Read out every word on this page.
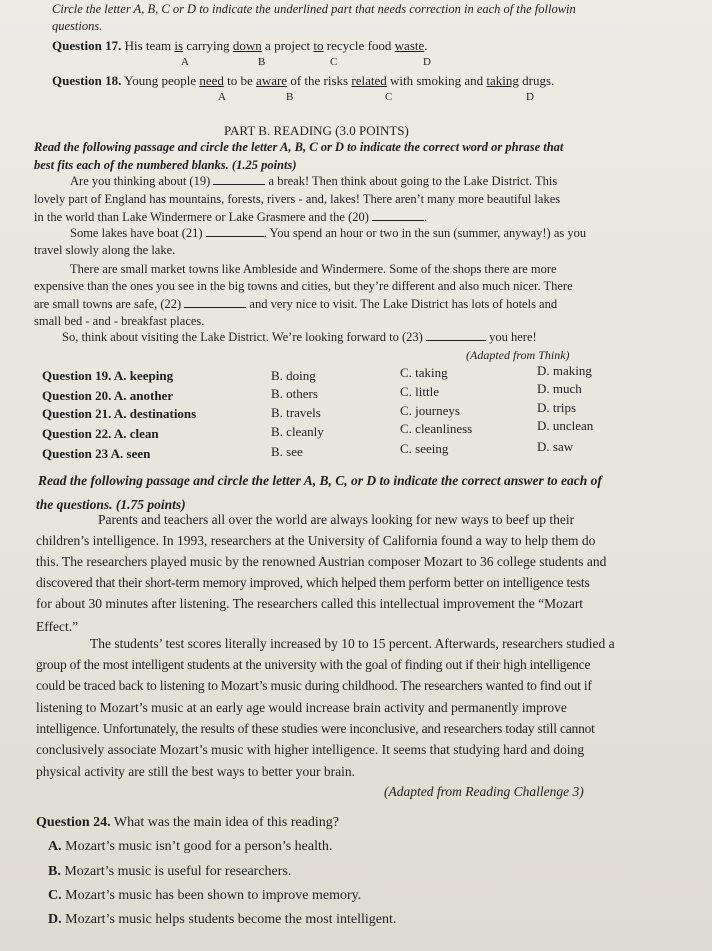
Circle the letter A, B, C or D to indicate the underlined part that needs correction in each of the followin
questions.
Question 17. His team is carrying down a project to recycle food waste.
A	B	C	D
Question 18. Young people need to be aware of the risks related with smoking and taking drugs.
A	B	C	D
PART B. READING (3.0 POINTS)
Read the following passage and circle the letter A, B, C or D to indicate the correct word or phrase that
best fits each of the numbered blanks. (1.25 points)
Are you thinking about (19)	a break! Then think about going to the Lake District. This
lovely part of England has mountains, forests, rivers - and, lakes! There aren’t many more beautiful lakes
in the world than Lake Windermere or Lake Grasmere and the (20)	.
Some lakes have boat (21)	. You spend an hour or two in the sun (summer, anyway!) as you
travel slowly along the lake.
There are small market towns like Ambleside and Windermere. Some of the shops there are more
expensive than the ones you see in the big towns and cities, but they’re different and also much nicer. There
are small towns are safe, (22)	and very nice to visit. The Lake District has lots of hotels and
small bed - and - breakfast places.
So, think about visiting the Lake District. We’re looking forward to (23)	you here!
(Adapted from Think)
Question 19. A. keeping	B. doing	C. taking	D. making
Question 20. A. another	B. others	C. little	D. much
Question 21. A. destinations	B. travels	C. journeys	D. trips
Question 22. A. clean	B. cleanly	C. cleanliness	D. unclean
Question 23 A. seen	B. see	C. seeing	D. saw
Read the following passage and circle the letter A, B, C, or D to indicate the correct answer to each of
the questions. (1.75 points)
Parents and teachers all over the world are always looking for new ways to beef up their
children’s intelligence. In 1993, researchers at the University of California found a way to help them do
this. The researchers played music by the renowned Austrian composer Mozart to 36 college students and
discovered that their short-term memory improved, which helped them perform better on intelligence tests
for about 30 minutes after listening. The researchers called this intellectual improvement the “Mozart
Effect.”
The students’ test scores literally increased by 10 to 15 percent. Afterwards, researchers studied a
group of the most intelligent students at the university with the goal of finding out if their high intelligence
could be traced back to listening to Mozart’s music during childhood. The researchers wanted to find out if
listening to Mozart’s music at an early age would increase brain activity and permanently improve
intelligence. Unfortunately, the results of these studies were inconclusive, and researchers today still cannot
conclusively associate Mozart’s music with higher intelligence. It seems that studying hard and doing
physical activity are still the best ways to better your brain.
(Adapted from Reading Challenge 3)
Question 24. What was the main idea of this reading?
A. Mozart’s music isn’t good for a person’s health.
B. Mozart’s music is useful for researchers.
C. Mozart’s music has been shown to improve memory.
D. Mozart’s music helps students become the most intelligent.
